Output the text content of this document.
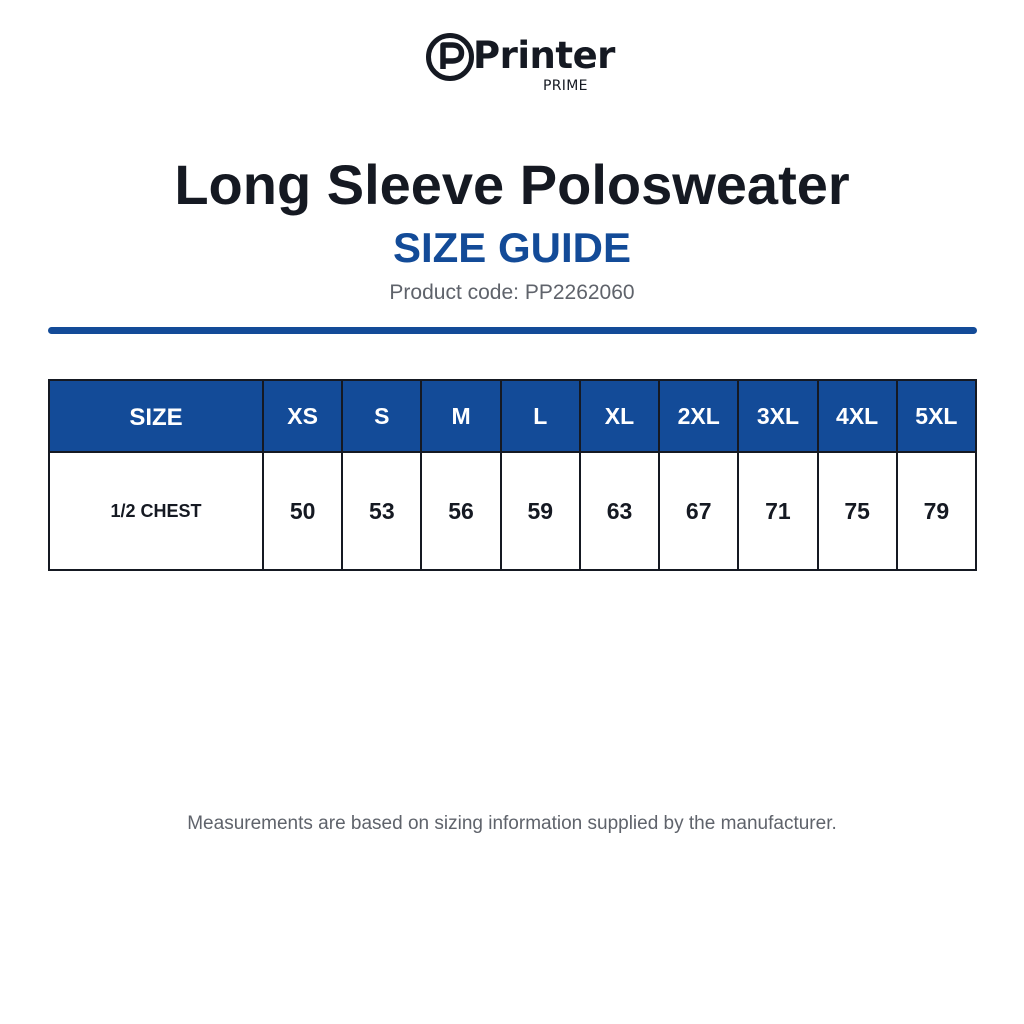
Printer
PRIME
Long Sleeve Polosweater
SIZE GUIDE
Product code: PP2262060
SIZE	XS	S	M	L	XL	2XL	3XL	4XL	5XL
1/2 CHEST	50	53	56	59	63	67	71	75	79
Measurements are based on sizing information supplied by the manufacturer.
